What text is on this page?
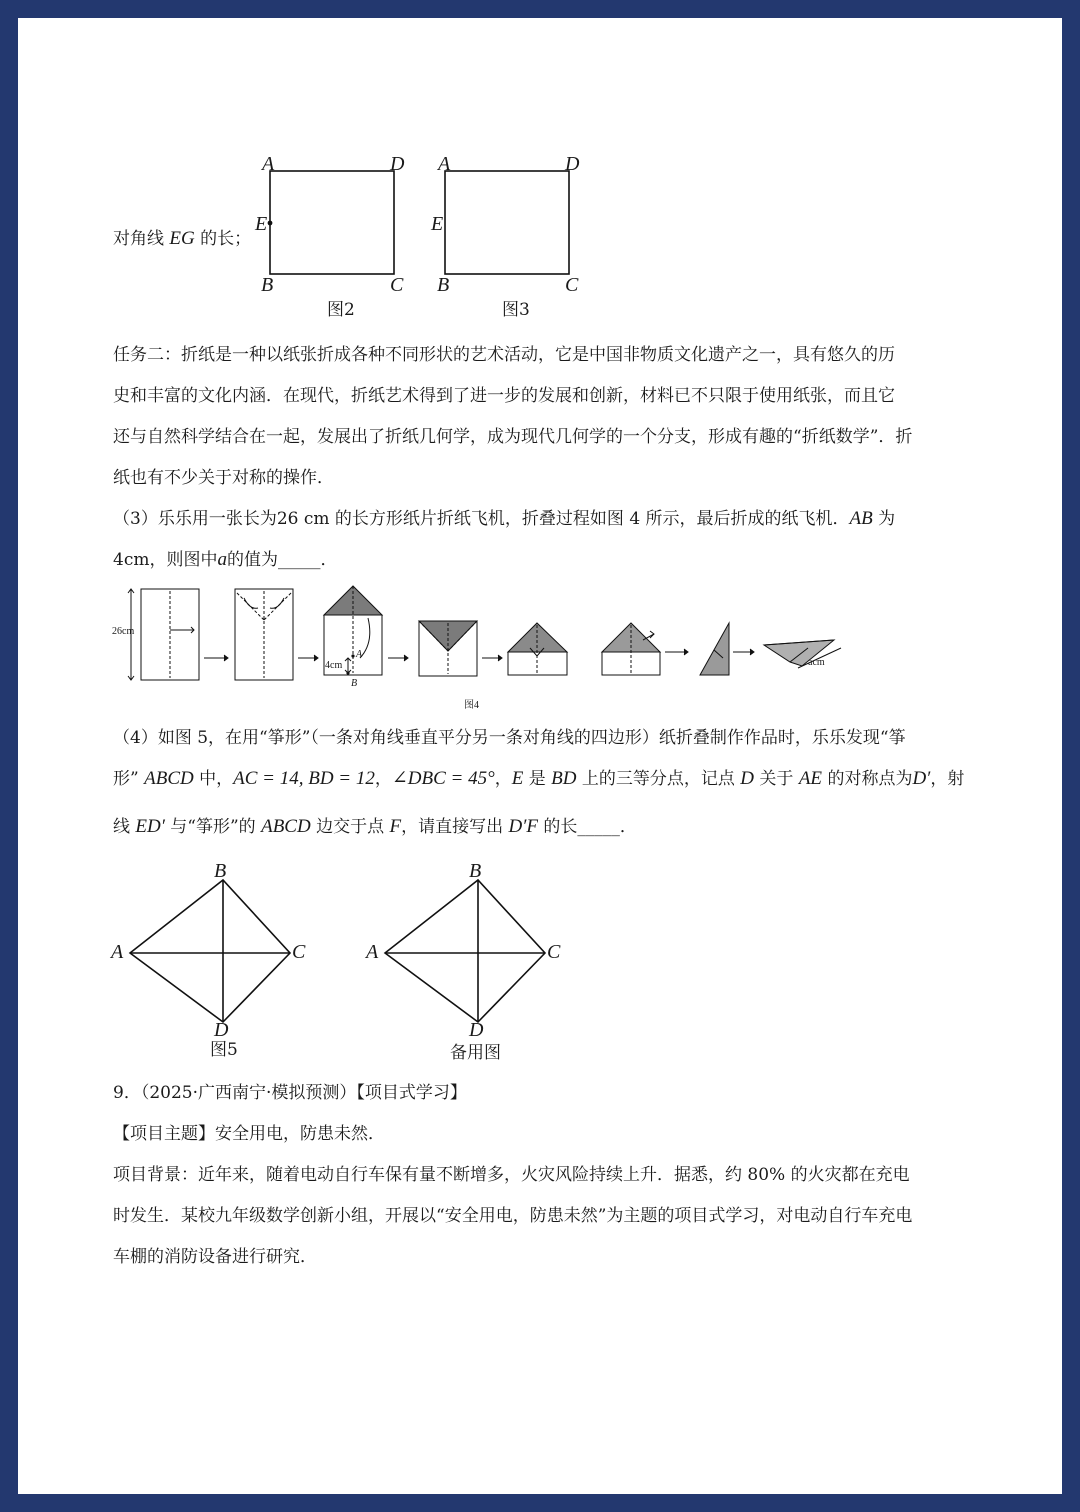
对角线 EG 的长；
A	D
E
B	C
图2
A	D
E
B	C
图3
任务二：折纸是一种以纸张折成各种不同形状的艺术活动，它是中国非物质文化遗产之一，具有悠久的历
史和丰富的文化内涵．在现代，折纸艺术得到了进一步的发展和创新，材料已不只限于使用纸张，而且它
还与自然科学结合在一起，发展出了折纸几何学，成为现代几何学的一个分支，形成有趣的“折纸数学”．折
纸也有不少关于对称的操作．
（3）乐乐用一张长为26 cm 的长方形纸片折纸飞机，折叠过程如图 4 所示，最后折成的纸飞机．AB 为
4cm，则图中a的值为_____．
26cm
4cm
A
B
acm
图4
（4）如图 5，在用“筝形”（一条对角线垂直平分另一条对角线的四边形）纸折叠制作作品时，乐乐发现“筝
形” ABCD 中，AC = 14, BD = 12，∠DBC = 45°，E 是 BD 上的三等分点，记点 D 关于 AE 的对称点为D′，射
线 ED′ 与“筝形”的 ABCD 边交于点 F，请直接写出 D′F 的长_____．
B
A	C
D
图5
B
A	C
D
备用图
9．（2025·广西南宁·模拟预测）【项目式学习】
【项目主题】安全用电，防患未然．
项目背景：近年来，随着电动自行车保有量不断增多，火灾风险持续上升．据悉，约 80% 的火灾都在充电
时发生．某校九年级数学创新小组，开展以“安全用电，防患未然”为主题的项目式学习，对电动自行车充电
车棚的消防设备进行研究．
